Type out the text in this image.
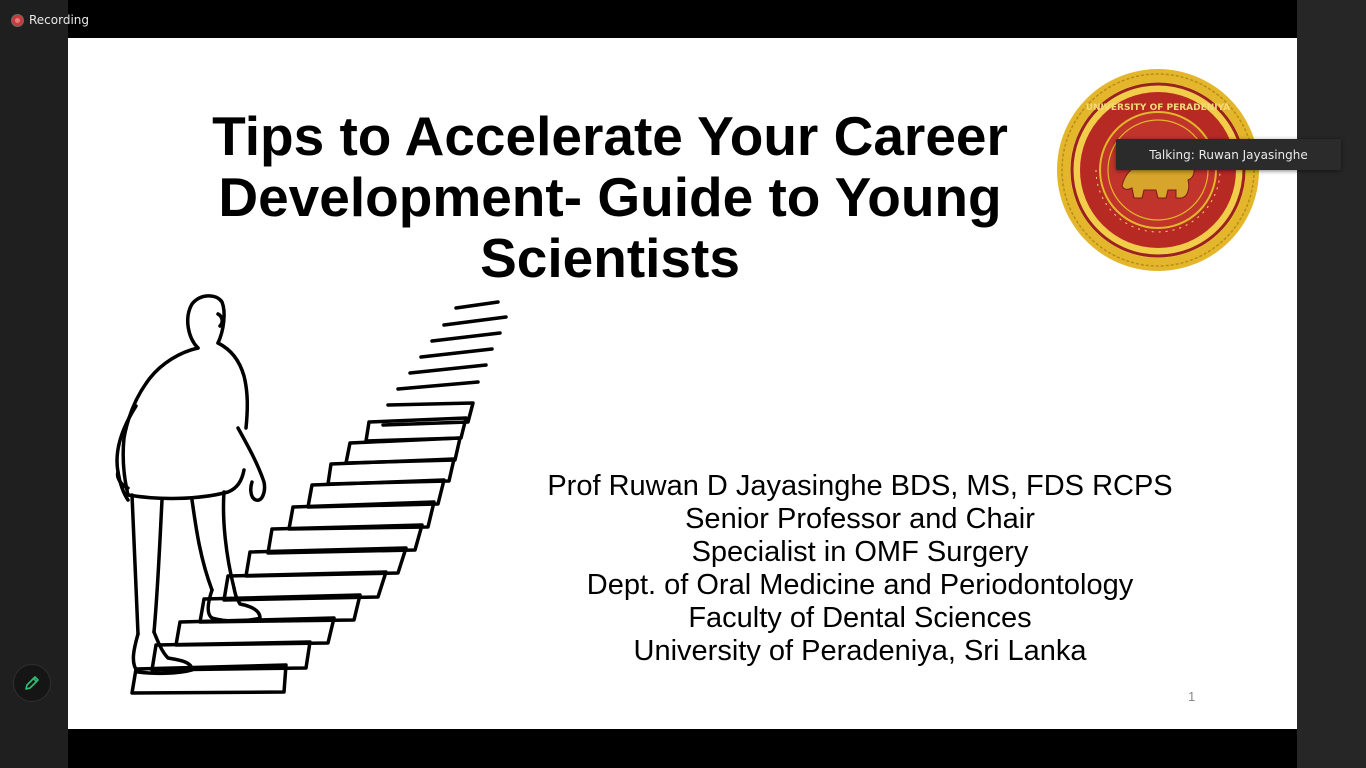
Recording
Tips to Accelerate Your Career
Development- Guide to Young
Scientists
UNIVERSITY OF PERADENIYA
Prof Ruwan D Jayasinghe BDS, MS, FDS RCPS
Senior Professor and Chair
Specialist in OMF Surgery
Dept. of Oral Medicine and Periodontology
Faculty of Dental Sciences
University of Peradeniya, Sri Lanka
1
Talking: Ruwan Jayasinghe
